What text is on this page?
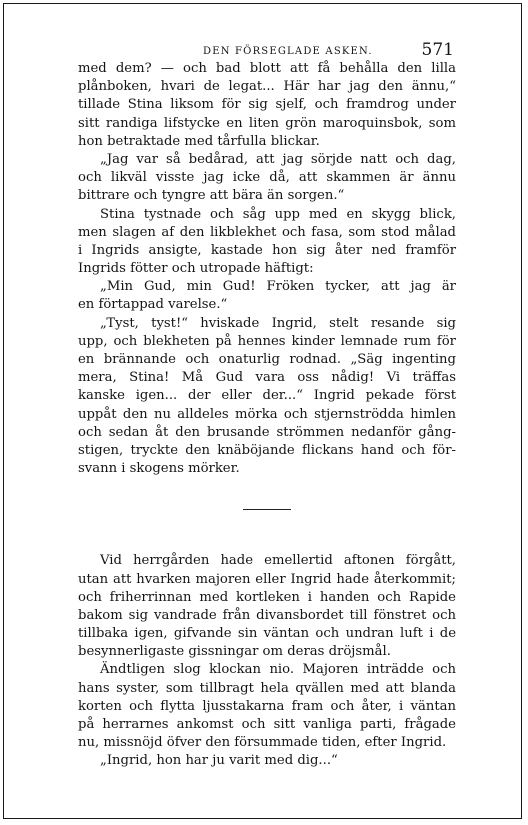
DEN FÖRSEGLADE ASKEN.	571
med dem? — och bad blott att få behålla den lilla
plånboken, hvari de legat... Här har jag den ännu,“
tillade Stina liksom för sig sjelf, och framdrog under
sitt randiga lifstycke en liten grön maroquinsbok, som
hon betraktade med tårfulla blickar.
„Jag var så bedårad, att jag sörjde natt och dag,
och likväl visste jag icke då, att skammen är ännu
bittrare och tyngre att bära än sorgen.“
Stina tystnade och såg upp med en skygg blick,
men slagen af den likblekhet och fasa, som stod målad
i Ingrids ansigte, kastade hon sig åter ned framför
Ingrids fötter och utropade häftigt:
„Min Gud, min Gud! Fröken tycker, att jag är
en förtappad varelse.“
„Tyst, tyst!“ hviskade Ingrid, stelt resande sig
upp, och blekheten på hennes kinder lemnade rum för
en brännande och onaturlig rodnad. „Säg ingenting
mera, Stina! Må Gud vara oss nådig! Vi träffas
kanske igen... der eller der...“ Ingrid pekade först
uppåt den nu alldeles mörka och stjernströdda himlen
och sedan åt den brusande strömmen nedanför gång-
stigen, tryckte den knäböjande flickans hand och för-
svann i skogens mörker.
Vid herrgården hade emellertid aftonen förgått,
utan att hvarken majoren eller Ingrid hade återkommit;
och friherrinnan med kortleken i handen och Rapide
bakom sig vandrade från divansbordet till fönstret och
tillbaka igen, gifvande sin väntan och undran luft i de
besynnerligaste gissningar om deras dröjsmål.
Ändtligen slog klockan nio. Majoren inträdde och
hans syster, som tillbragt hela qvällen med att blanda
korten och flytta ljusstakarna fram och åter, i väntan
på herrarnes ankomst och sitt vanliga parti, frågade
nu, missnöjd öfver den försummade tiden, efter Ingrid.
„Ingrid, hon har ju varit med dig...“
